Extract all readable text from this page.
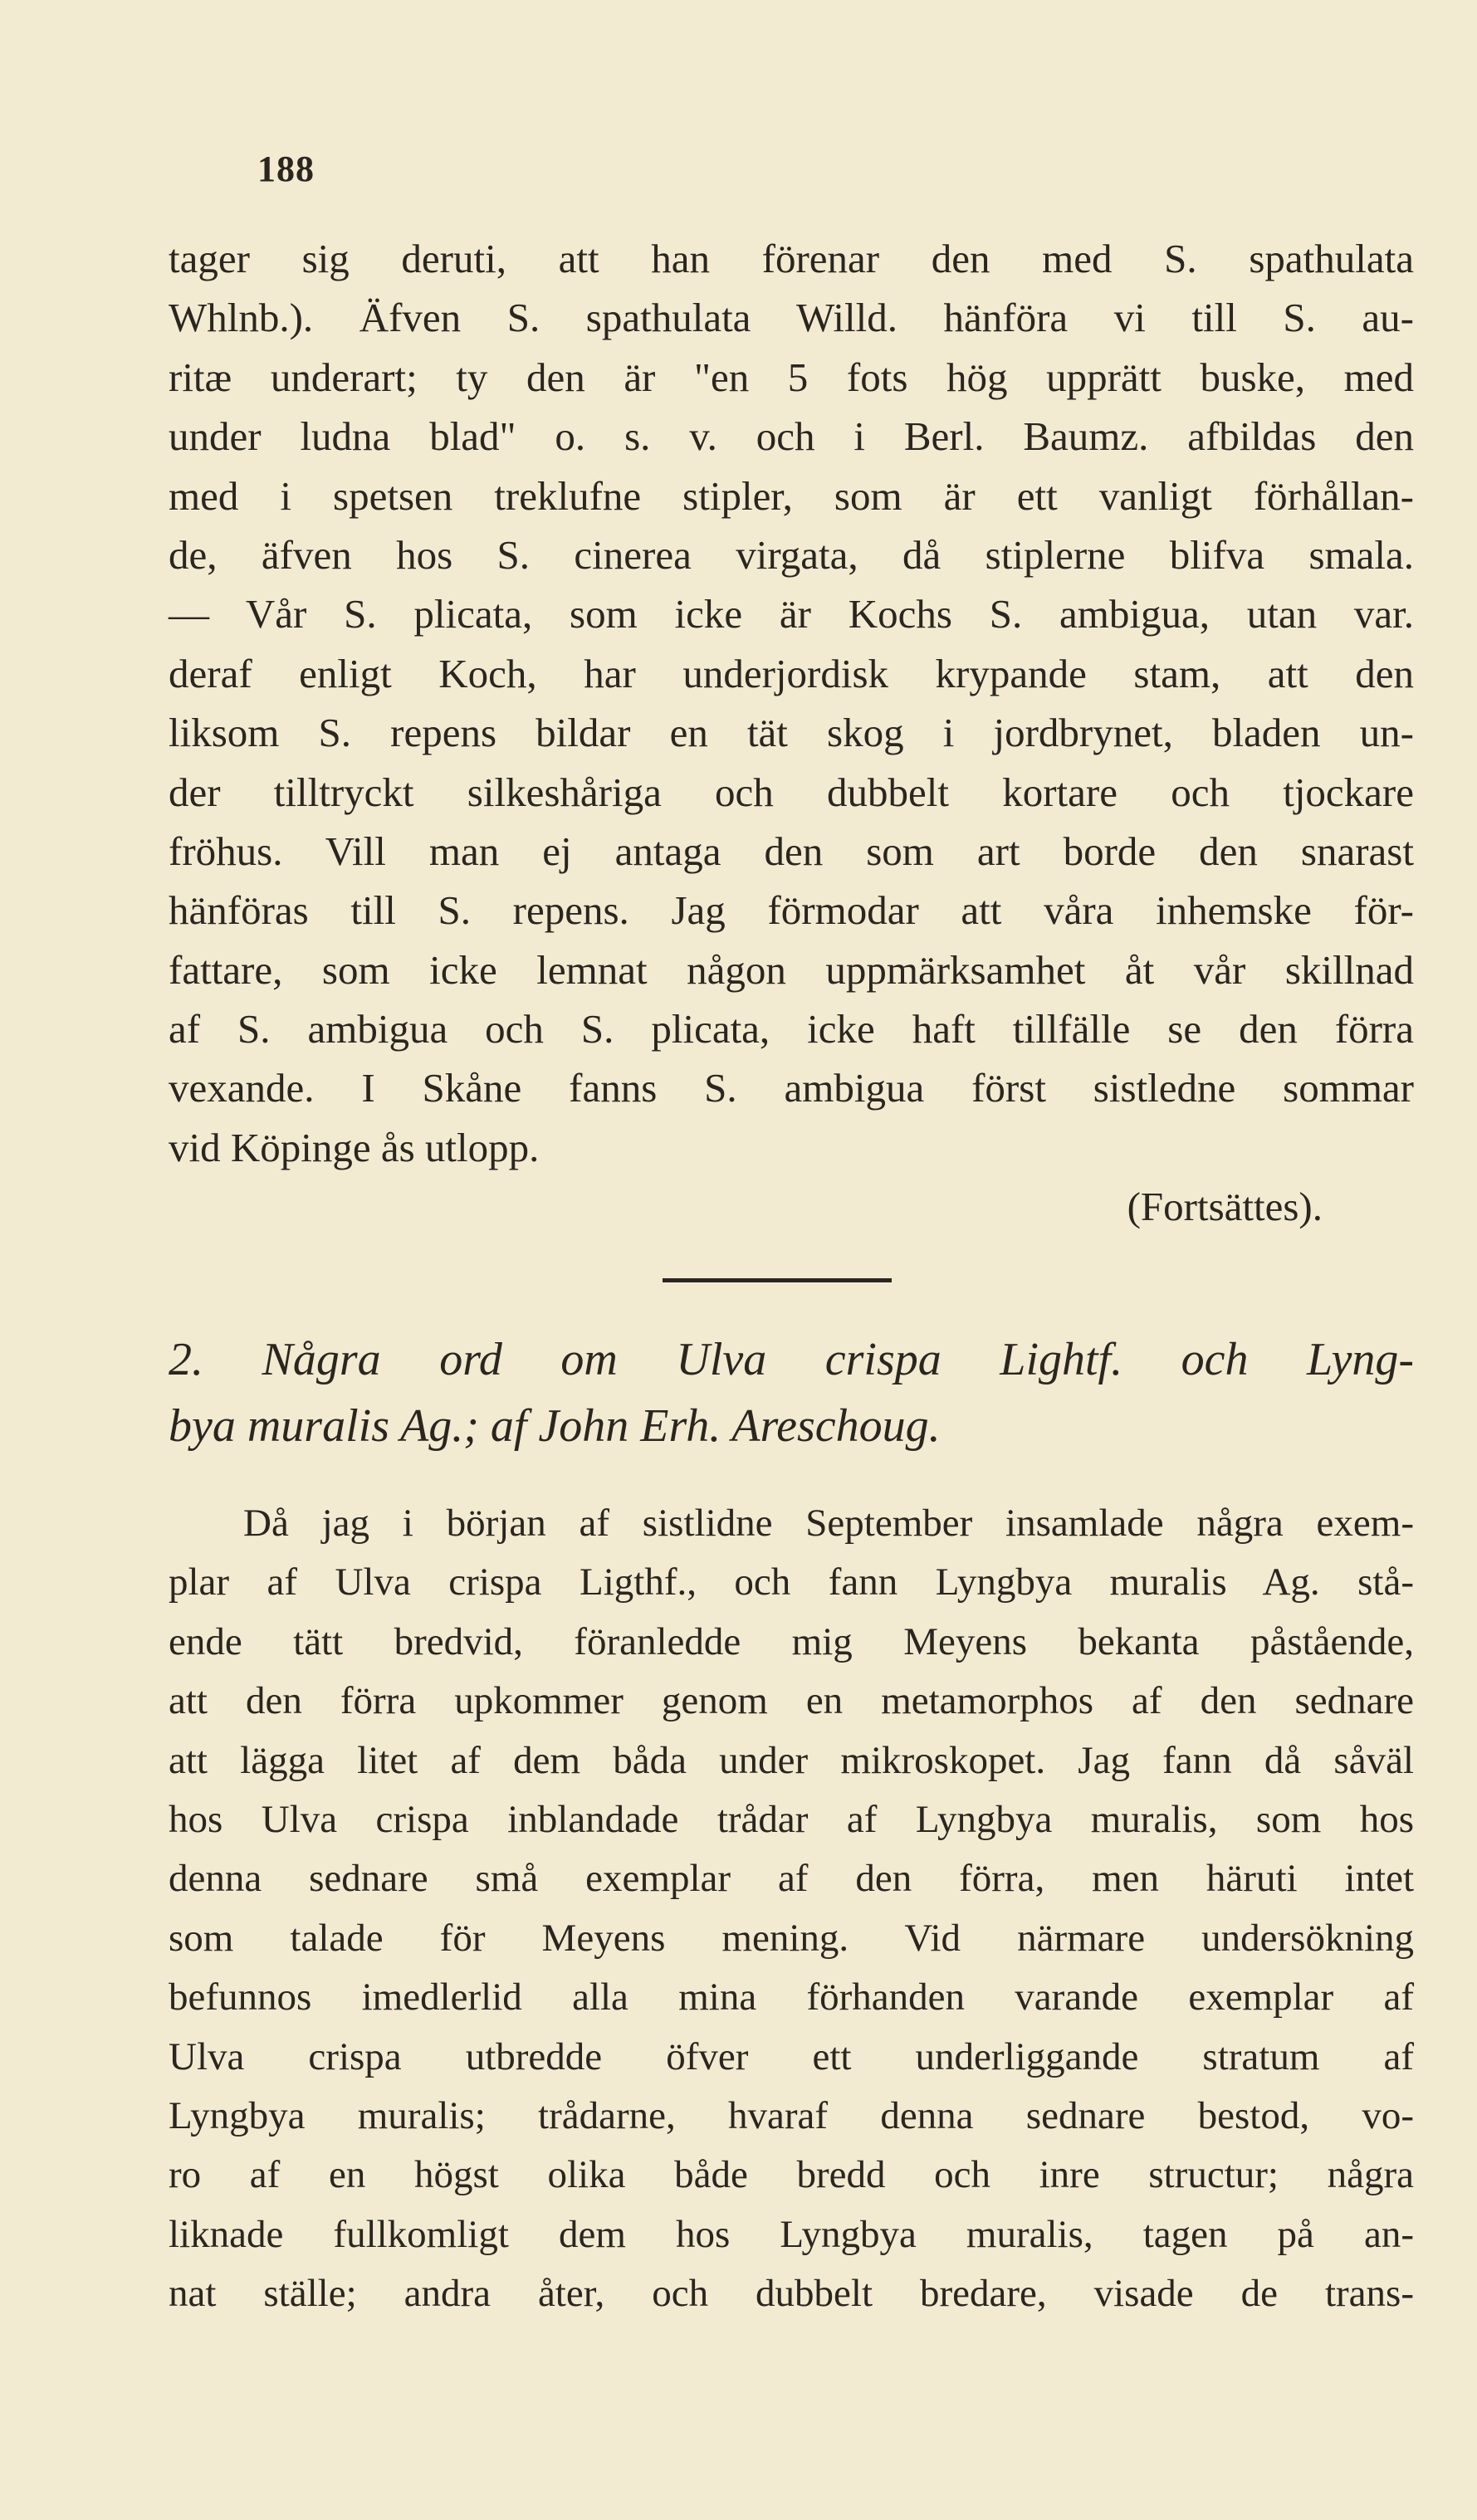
188
tager sig deruti, att han förenar den med S. spathulata
Whlnb.). Äfven S. spathulata Willd. hänföra vi till S. au-
ritæ underart; ty den är "en 5 fots hög upprätt buske, med
under ludna blad" o. s. v. och i Berl. Baumz. afbildas den
med i spetsen treklufne stipler, som är ett vanligt förhållan-
de, äfven hos S. cinerea virgata, då stiplerne blifva smala.
— Vår S. plicata, som icke är Kochs S. ambigua, utan var.
deraf enligt Koch, har underjordisk krypande stam, att den
liksom S. repens bildar en tät skog i jordbrynet, bladen un-
der tilltryckt silkeshåriga och dubbelt kortare och tjockare
fröhus. Vill man ej antaga den som art borde den snarast
hänföras till S. repens. Jag förmodar att våra inhemske för-
fattare, som icke lemnat någon uppmärksamhet åt vår skillnad
af S. ambigua och S. plicata, icke haft tillfälle se den förra
vexande. I Skåne fanns S. ambigua först sistledne sommar
vid Köpinge ås utlopp.
(Fortsättes).
2. Några ord om Ulva crispa Lightf. och Lyng-
bya muralis Ag.; af John Erh. Areschoug.
Då jag i början af sistlidne September insamlade några exem-
plar af Ulva crispa Ligthf., och fann Lyngbya muralis Ag. stå-
ende tätt bredvid, föranledde mig Meyens bekanta påstående,
att den förra upkommer genom en metamorphos af den sednare
att lägga litet af dem båda under mikroskopet. Jag fann då såväl
hos Ulva crispa inblandade trådar af Lyngbya muralis, som hos
denna sednare små exemplar af den förra, men häruti intet
som talade för Meyens mening. Vid närmare undersökning
befunnos imedlerlid alla mina förhanden varande exemplar af
Ulva crispa utbredde öfver ett underliggande stratum af
Lyngbya muralis; trådarne, hvaraf denna sednare bestod, vo-
ro af en högst olika både bredd och inre structur; några
liknade fullkomligt dem hos Lyngbya muralis, tagen på an-
nat ställe; andra åter, och dubbelt bredare, visade de trans-
